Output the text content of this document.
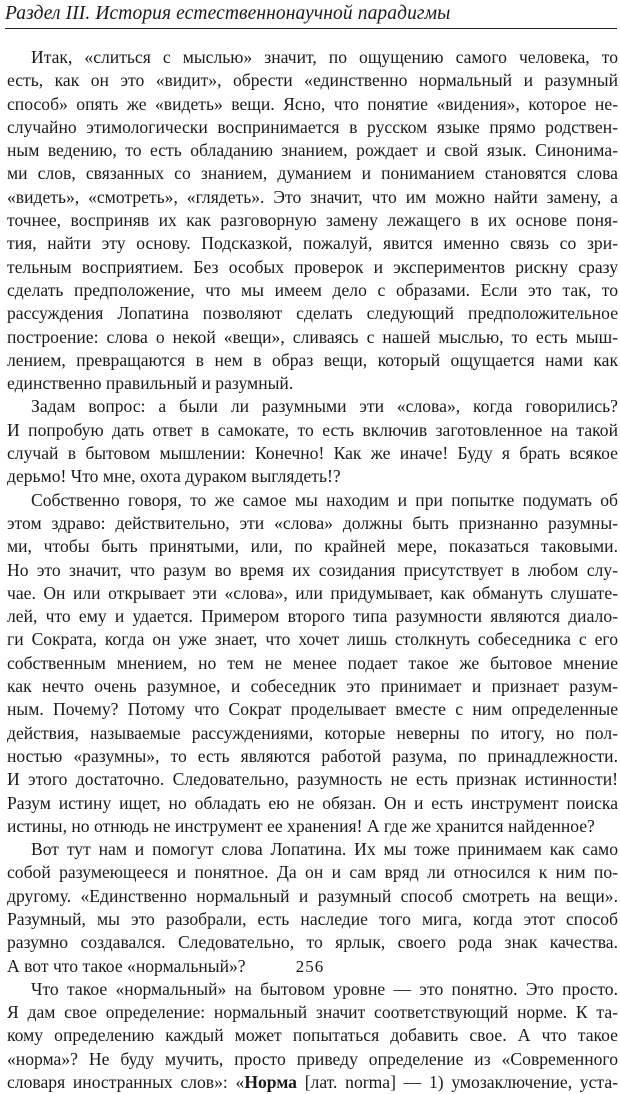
Раздел III. История естественнонаучной парадигмы
Итак, «слиться с мыслью» значит, по ощущению самого человека, то
есть, как он это «видит», обрести «единственно нормальный и разумный
способ» опять же «видеть» вещи. Ясно, что понятие «видения», которое не-
случайно этимологически воспринимается в русском языке прямо родствен-
ным ведению, то есть обладанию знанием, рождает и свой язык. Синонима-
ми слов, связанных со знанием, думанием и пониманием становятся слова
«видеть», «смотреть», «глядеть». Это значит, что им можно найти замену, а
точнее, восприняв их как разговорную замену лежащего в их основе поня-
тия, найти эту основу. Подсказкой, пожалуй, явится именно связь со зри-
тельным восприятием. Без особых проверок и экспериментов рискну сразу
сделать предположение, что мы имеем дело с образами. Если это так, то
рассуждения Лопатина позволяют сделать следующий предположительное
построение: слова о некой «вещи», сливаясь с нашей мыслью, то есть мыш-
лением, превращаются в нем в образ вещи, который ощущается нами как
единственно правильный и разумный.
Задам вопрос: а были ли разумными эти «слова», когда говорились?
И попробую дать ответ в самокате, то есть включив заготовленное на такой
случай в бытовом мышлении: Конечно! Как же иначе! Буду я брать всякое
дерьмо! Что мне, охота дураком выглядеть!?
Собственно говоря, то же самое мы находим и при попытке подумать об
этом здраво: действительно, эти «слова» должны быть признанно разумны-
ми, чтобы быть принятыми, или, по крайней мере, показаться таковыми.
Но это значит, что разум во время их созидания присутствует в любом слу-
чае. Он или открывает эти «слова», или придумывает, как обмануть слушате-
лей, что ему и удается. Примером второго типа разумности являются диало-
ги Сократа, когда он уже знает, что хочет лишь столкнуть собеседника с его
собственным мнением, но тем не менее подает такое же бытовое мнение
как нечто очень разумное, и собеседник это принимает и признает разум-
ным. Почему? Потому что Сократ проделывает вместе с ним определенные
действия, называемые рассуждениями, которые неверны по итогу, но пол-
ностью «разумны», то есть являются работой разума, по принадлежности.
И этого достаточно. Следовательно, разумность не есть признак истинности!
Разум истину ищет, но обладать ею не обязан. Он и есть инструмент поиска
истины, но отнюдь не инструмент ее хранения! А где же хранится найденное?
Вот тут нам и помогут слова Лопатина. Их мы тоже принимаем как само
собой разумеющееся и понятное. Да он и сам вряд ли относился к ним по-
другому. «Единственно нормальный и разумный способ смотреть на вещи».
Разумный, мы это разобрали, есть наследие того мига, когда этот способ
разумно создавался. Следовательно, то ярлык, своего рода знак качества.
А вот что такое «нормальный»?
Что такое «нормальный» на бытовом уровне — это понятно. Это просто.
Я дам свое определение: нормальный значит соответствующий норме. К та-
кому определению каждый может попытаться добавить свое. А что такое
«норма»? Не буду мучить, просто приведу определение из «Современного
словаря иностранных слов»: «Норма [лат. norma] — 1) умозаключение, уста-
256
